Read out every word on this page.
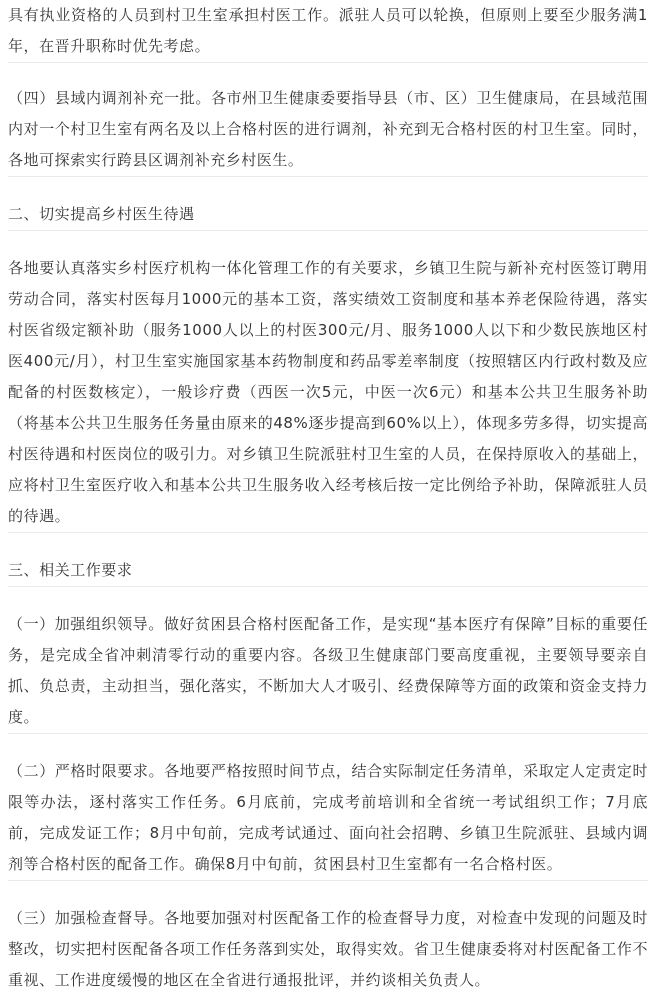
具有执业资格的人员到村卫生室承担村医工作。派驻人员可以轮换，但原则上要至少服务满1年，在晋升职称时优先考虑。

（四）县域内调剂补充一批。各市州卫生健康委要指导县（市、区）卫生健康局，在县域范围内对一个村卫生室有两名及以上合格村医的进行调剂，补充到无合格村医的村卫生室。同时，各地可探索实行跨县区调剂补充乡村医生。

二、切实提高乡村医生待遇

各地要认真落实乡村医疗机构一体化管理工作的有关要求，乡镇卫生院与新补充村医签订聘用劳动合同，落实村医每月1000元的基本工资，落实绩效工资制度和基本养老保险待遇，落实村医省级定额补助（服务1000人以上的村医300元/月、服务1000人以下和少数民族地区村医400元/月），村卫生室实施国家基本药物制度和药品零差率制度（按照辖区内行政村数及应配备的村医数核定），一般诊疗费（西医一次5元，中医一次6元）和基本公共卫生服务补助（将基本公共卫生服务任务量由原来的48%逐步提高到60%以上），体现多劳多得，切实提高村医待遇和村医岗位的吸引力。对乡镇卫生院派驻村卫生室的人员，在保持原收入的基础上，应将村卫生室医疗收入和基本公共卫生服务收入经考核后按一定比例给予补助，保障派驻人员的待遇。

三、相关工作要求

（一）加强组织领导。做好贫困县合格村医配备工作，是实现“基本医疗有保障”目标的重要任务，是完成全省冲刺清零行动的重要内容。各级卫生健康部门要高度重视，主要领导要亲自抓、负总责，主动担当，强化落实，不断加大人才吸引、经费保障等方面的政策和资金支持力度。

（二）严格时限要求。各地要严格按照时间节点，结合实际制定任务清单，采取定人定责定时限等办法，逐村落实工作任务。6月底前，完成考前培训和全省统一考试组织工作；7月底前，完成发证工作；8月中旬前，完成考试通过、面向社会招聘、乡镇卫生院派驻、县域内调剂等合格村医的配备工作。确保8月中旬前，贫困县村卫生室都有一名合格村医。

（三）加强检查督导。各地要加强对村医配备工作的检查督导力度，对检查中发现的问题及时整改，切实把村医配备各项工作任务落到实处，取得实效。省卫生健康委将对村医配备工作不重视、工作进度缓慢的地区在全省进行通报批评，并约谈相关负责人。
